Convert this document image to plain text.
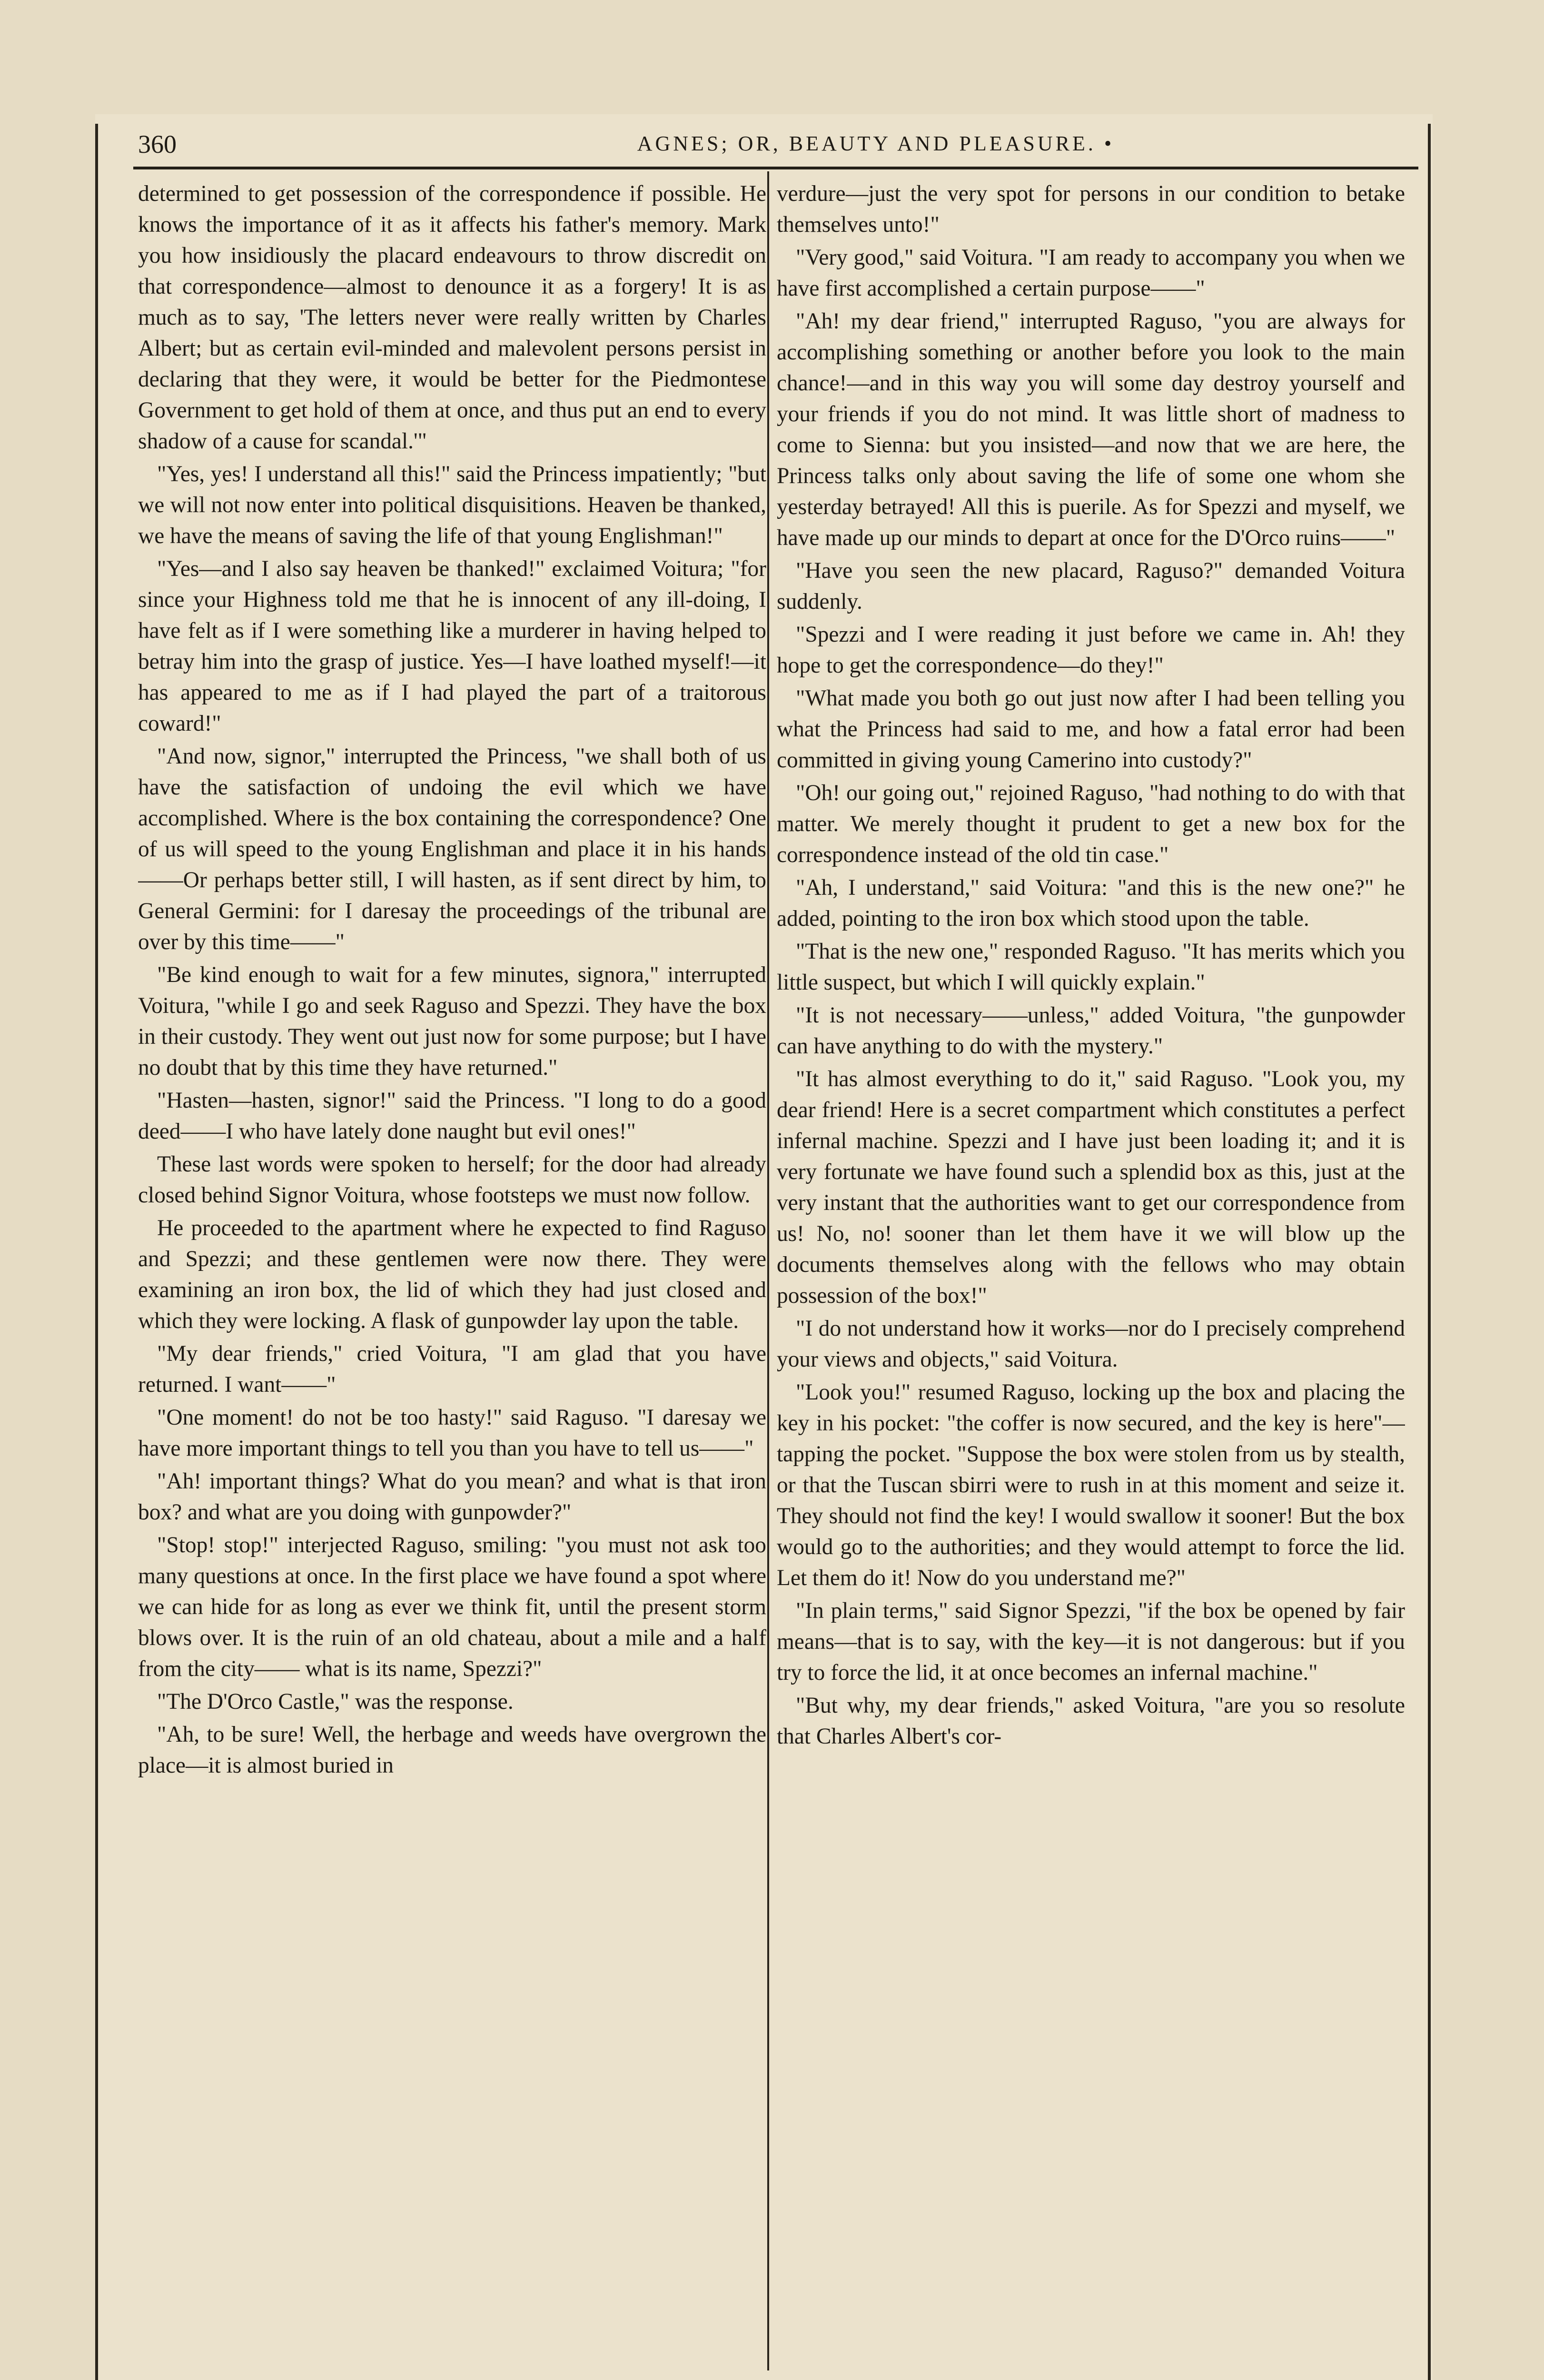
360	AGNES; OR, BEAUTY AND PLEASURE. •

determined to get possession of the correspondence if possible. He knows the importance of it as it affects his father's memory. Mark you how insidiously the placard endeavours to throw discredit on that correspondence—almost to denounce it as a forgery! It is as much as to say, 'The letters never were really written by Charles Albert; but as certain evil-minded and malevolent persons persist in declaring that they were, it would be better for the Piedmontese Government to get hold of them at once, and thus put an end to every shadow of a cause for scandal.'"

"Yes, yes! I understand all this!" said the Princess impatiently; "but we will not now enter into political disquisitions. Heaven be thanked, we have the means of saving the life of that young Englishman!"

"Yes—and I also say heaven be thanked!" exclaimed Voitura; "for since your Highness told me that he is innocent of any ill-doing, I have felt as if I were something like a murderer in having helped to betray him into the grasp of justice. Yes—I have loathed myself!—it has appeared to me as if I had played the part of a traitorous coward!"

"And now, signor," interrupted the Princess, "we shall both of us have the satisfaction of undoing the evil which we have accomplished. Where is the box containing the correspondence? One of us will speed to the young Englishman and place it in his hands——Or perhaps better still, I will hasten, as if sent direct by him, to General Germini: for I daresay the proceedings of the tribunal are over by this time——"

"Be kind enough to wait for a few minutes, signora," interrupted Voitura, "while I go and seek Raguso and Spezzi. They have the box in their custody. They went out just now for some purpose; but I have no doubt that by this time they have returned."

"Hasten—hasten, signor!" said the Princess. "I long to do a good deed——I who have lately done naught but evil ones!"

These last words were spoken to herself; for the door had already closed behind Signor Voitura, whose footsteps we must now follow.

He proceeded to the apartment where he expected to find Raguso and Spezzi; and these gentlemen were now there. They were examining an iron box, the lid of which they had just closed and which they were locking. A flask of gunpowder lay upon the table.

"My dear friends," cried Voitura, "I am glad that you have returned. I want——"

"One moment! do not be too hasty!" said Raguso. "I daresay we have more important things to tell you than you have to tell us——"

"Ah! important things? What do you mean? and what is that iron box? and what are you doing with gunpowder?"

"Stop! stop!" interjected Raguso, smiling: "you must not ask too many questions at once. In the first place we have found a spot where we can hide for as long as ever we think fit, until the present storm blows over. It is the ruin of an old chateau, about a mile and a half from the city—— what is its name, Spezzi?"

"The D'Orco Castle," was the response.

"Ah, to be sure! Well, the herbage and weeds have overgrown the place—it is almost buried in

verdure—just the very spot for persons in our condition to betake themselves unto!"

"Very good," said Voitura. "I am ready to accompany you when we have first accomplished a certain purpose——"

"Ah! my dear friend," interrupted Raguso, "you are always for accomplishing something or another before you look to the main chance!—and in this way you will some day destroy yourself and your friends if you do not mind. It was little short of madness to come to Sienna: but you insisted—and now that we are here, the Princess talks only about saving the life of some one whom she yesterday betrayed! All this is puerile. As for Spezzi and myself, we have made up our minds to depart at once for the D'Orco ruins——"

"Have you seen the new placard, Raguso?" demanded Voitura suddenly.

"Spezzi and I were reading it just before we came in. Ah! they hope to get the correspondence—do they!"

"What made you both go out just now after I had been telling you what the Princess had said to me, and how a fatal error had been committed in giving young Camerino into custody?"

"Oh! our going out," rejoined Raguso, "had nothing to do with that matter. We merely thought it prudent to get a new box for the correspondence instead of the old tin case."

"Ah, I understand," said Voitura: "and this is the new one?" he added, pointing to the iron box which stood upon the table.

"That is the new one," responded Raguso. "It has merits which you little suspect, but which I will quickly explain."

"It is not necessary——unless," added Voitura, "the gunpowder can have anything to do with the mystery."

"It has almost everything to do it," said Raguso. "Look you, my dear friend! Here is a secret compartment which constitutes a perfect infernal machine. Spezzi and I have just been loading it; and it is very fortunate we have found such a splendid box as this, just at the very instant that the authorities want to get our correspondence from us! No, no! sooner than let them have it we will blow up the documents themselves along with the fellows who may obtain possession of the box!"

"I do not understand how it works—nor do I precisely comprehend your views and objects," said Voitura.

"Look you!" resumed Raguso, locking up the box and placing the key in his pocket: "the coffer is now secured, and the key is here"—tapping the pocket. "Suppose the box were stolen from us by stealth, or that the Tuscan sbirri were to rush in at this moment and seize it. They should not find the key! I would swallow it sooner! But the box would go to the authorities; and they would attempt to force the lid. Let them do it! Now do you understand me?"

"In plain terms," said Signor Spezzi, "if the box be opened by fair means—that is to say, with the key—it is not dangerous: but if you try to force the lid, it at once becomes an infernal machine."

"But why, my dear friends," asked Voitura, "are you so resolute that Charles Albert's cor-
